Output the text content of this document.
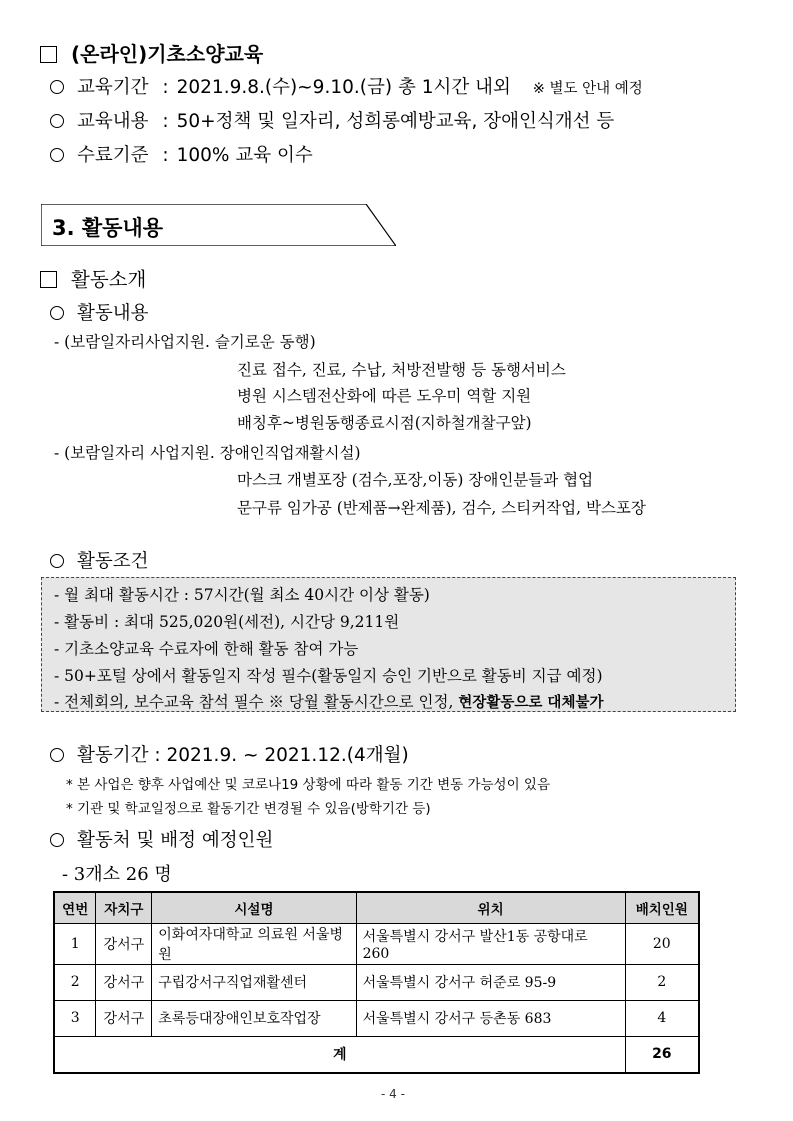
(온라인)기초소양교육
교육기간 : 2021.9.8.(수)~9.10.(금) 총 1시간 내외 ※ 별도 안내 예정
교육내용 : 50+정책 및 일자리, 성희롱예방교육, 장애인식개선 등
수료기준 : 100% 교육 이수
3. 활동내용
활동소개
활동내용
- (보람일자리사업지원. 슬기로운 동행)
진료 접수, 진료, 수납, 처방전발행 등 동행서비스
병원 시스템전산화에 따른 도우미 역할 지원
배칭후~병원동행종료시점(지하철개찰구앞)
- (보람일자리 사업지원. 장애인직업재활시설)
마스크 개별포장 (검수,포장,이동) 장애인분들과 협업
문구류 임가공 (반제품→완제품), 검수, 스티커작업, 박스포장
활동조건
- 월 최대 활동시간 : 57시간(월 최소 40시간 이상 활동)
- 활동비 : 최대 525,020원(세전), 시간당 9,211원
- 기초소양교육 수료자에 한해 활동 참여 가능
- 50+포털 상에서 활동일지 작성 필수(활동일지 승인 기반으로 활동비 지급 예정)
- 전체회의, 보수교육 참석 필수 ※ 당월 활동시간으로 인정, 현장활동으로 대체불가
활동기간 : 2021.9. ~ 2021.12.(4개월)
* 본 사업은 향후 사업예산 및 코로나19 상황에 따라 활동 기간 변동 가능성이 있음
* 기관 및 학교일정으로 활동기간 변경될 수 있음(방학기간 등)
활동처 및 배정 예정인원
- 3개소 26 명
연번	자치구	시설명	위치	배치인원
1	강서구	이화여자대학교 의료원 서울병원	서울특별시 강서구 발산1동 공항대로 260	20
2	강서구	구립강서구직업재활센터	서울특별시 강서구 허준로 95-9	2
3	강서구	초록등대장애인보호작업장	서울특별시 강서구 등촌동 683	4
계				26
- 4 -
